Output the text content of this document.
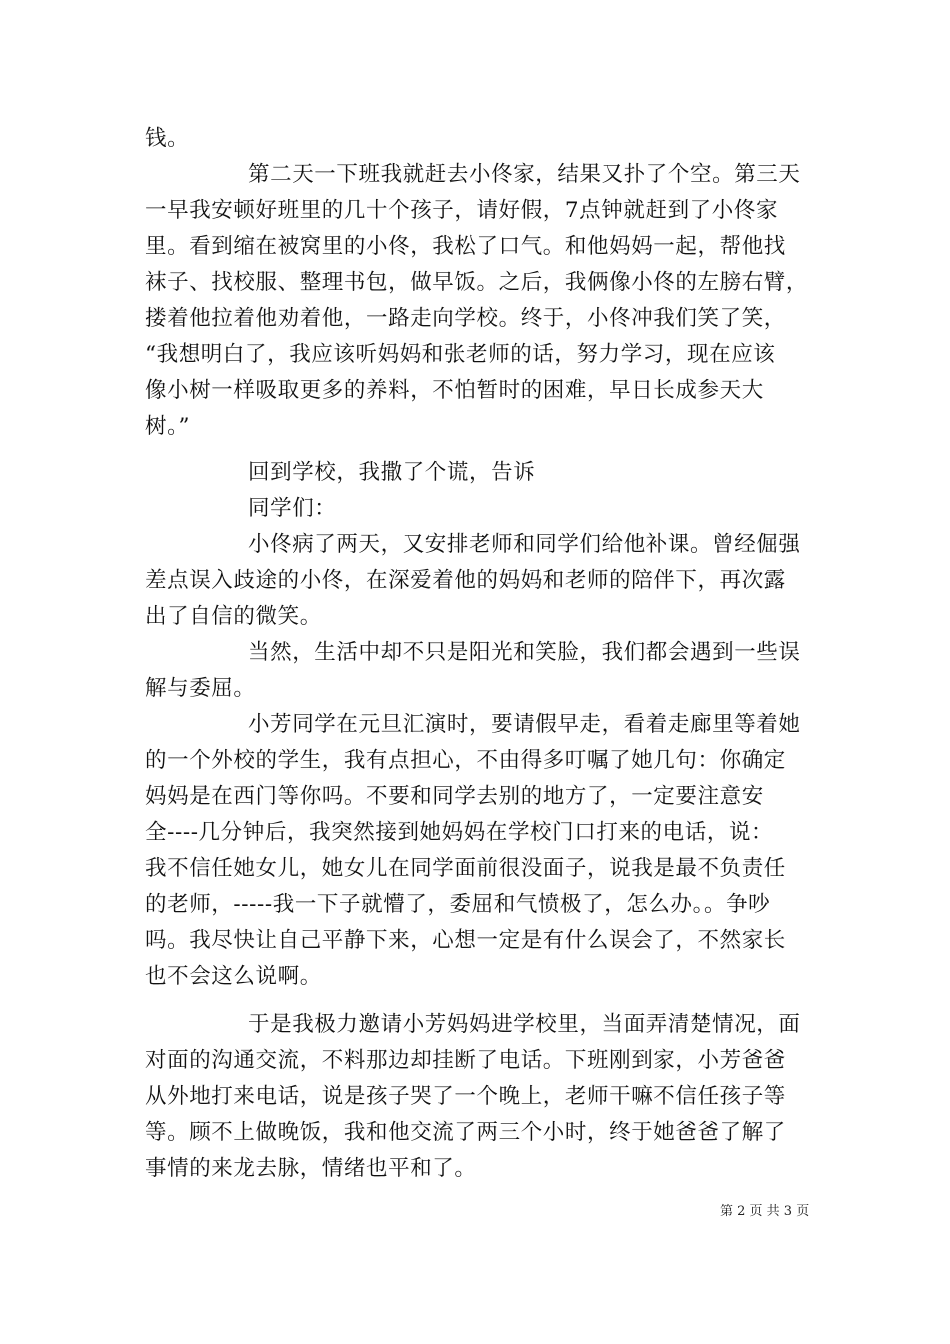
钱。
第二天一下班我就赶去小佟家，结果又扑了个空。第三天
一早我安顿好班里的几十个孩子，请好假，7点钟就赶到了小佟家
里。看到缩在被窝里的小佟，我松了口气。和他妈妈一起，帮他找
袜子、找校服、整理书包，做早饭。之后，我俩像小佟的左膀右臂，
搂着他拉着他劝着他，一路走向学校。终于，小佟冲我们笑了笑，
“我想明白了，我应该听妈妈和张老师的话，努力学习，现在应该
像小树一样吸取更多的养料，不怕暂时的困难，早日长成参天大
树。”
回到学校，我撒了个谎，告诉
同学们：
小佟病了两天，又安排老师和同学们给他补课。曾经倔强
差点误入歧途的小佟，在深爱着他的妈妈和老师的陪伴下，再次露
出了自信的微笑。
当然，生活中却不只是阳光和笑脸，我们都会遇到一些误
解与委屈。
小芳同学在元旦汇演时，要请假早走，看着走廊里等着她
的一个外校的学生，我有点担心，不由得多叮嘱了她几句：你确定
妈妈是在西门等你吗。不要和同学去别的地方了，一定要注意安
全----几分钟后，我突然接到她妈妈在学校门口打来的电话，说：
我不信任她女儿，她女儿在同学面前很没面子，说我是最不负责任
的老师，-----我一下子就懵了，委屈和气愤极了，怎么办。。争吵
吗。我尽快让自己平静下来，心想一定是有什么误会了，不然家长
也不会这么说啊。
于是我极力邀请小芳妈妈进学校里，当面弄清楚情况，面
对面的沟通交流，不料那边却挂断了电话。下班刚到家，小芳爸爸
从外地打来电话，说是孩子哭了一个晚上，老师干嘛不信任孩子等
等。顾不上做晚饭，我和他交流了两三个小时，终于她爸爸了解了
事情的来龙去脉，情绪也平和了。
第 2 页 共 3 页
